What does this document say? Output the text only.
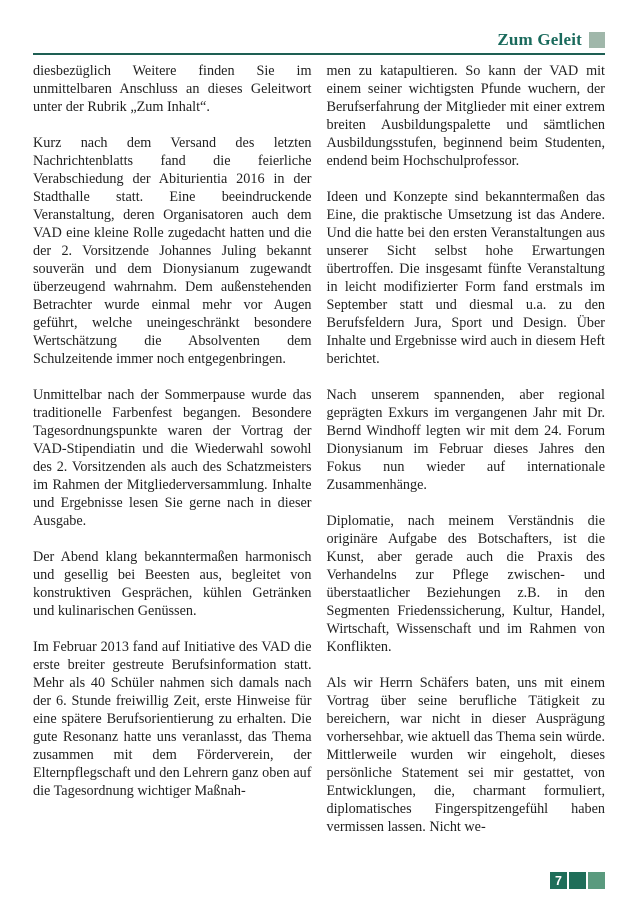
Zum Geleit

diesbezüglich Weitere finden Sie im unmittelbaren Anschluss an dieses Geleitwort unter der Rubrik „Zum Inhalt“.

Kurz nach dem Versand des letzten Nachrichtenblatts fand die feierliche Verabschiedung der Abiturientia 2016 in der Stadthalle statt. Eine beeindruckende Veranstaltung, deren Organisatoren auch dem VAD eine kleine Rolle zugedacht hatten und die der 2. Vorsitzende Johannes Juling bekannt souverän und dem Dionysianum zugewandt überzeugend wahrnahm. Dem außenstehenden Betrachter wurde einmal mehr vor Augen geführt, welche uneingeschränkt besondere Wertschätzung die Absolventen dem Schulzeitende immer noch entgegenbringen.

Unmittelbar nach der Sommerpause wurde das traditionelle Farbenfest begangen. Besondere Tagesordnungspunkte waren der Vortrag der VAD-Stipendiatin und die Wiederwahl sowohl des 2. Vorsitzenden als auch des Schatzmeisters im Rahmen der Mitgliederversammlung. Inhalte und Ergebnisse lesen Sie gerne nach in dieser Ausgabe.

Der Abend klang bekanntermaßen harmonisch und gesellig bei Beesten aus, begleitet von konstruktiven Gesprächen, kühlen Getränken und kulinarischen Genüssen.

Im Februar 2013 fand auf Initiative des VAD die erste breiter gestreute Berufsinformation statt. Mehr als 40 Schüler nahmen sich damals nach der 6. Stunde freiwillig Zeit, erste Hinweise für eine spätere Berufsorientierung zu erhalten. Die gute Resonanz hatte uns veranlasst, das Thema zusammen mit dem Förderverein, der Elternpflegschaft und den Lehrern ganz oben auf die Tagesordnung wichtiger Maßnah-

men zu katapultieren. So kann der VAD mit einem seiner wichtigsten Pfunde wuchern, der Berufserfahrung der Mitglieder mit einer extrem breiten Ausbildungspalette und sämtlichen Ausbildungsstufen, beginnend beim Studenten, endend beim Hochschulprofessor.

Ideen und Konzepte sind bekanntermaßen das Eine, die praktische Umsetzung ist das Andere. Und die hatte bei den ersten Veranstaltungen aus unserer Sicht selbst hohe Erwartungen übertroffen. Die insgesamt fünfte Veranstaltung in leicht modifizierter Form fand erstmals im September statt und diesmal u.a. zu den Berufsfeldern Jura, Sport und Design. Über Inhalte und Ergebnisse wird auch in diesem Heft berichtet.

Nach unserem spannenden, aber regional geprägten Exkurs im vergangenen Jahr mit Dr. Bernd Windhoff legten wir mit dem 24. Forum Dionysianum im Februar dieses Jahres den Fokus nun wieder auf internationale Zusammenhänge.

Diplomatie, nach meinem Verständnis die originäre Aufgabe des Botschafters, ist die Kunst, aber gerade auch die Praxis des Verhandelns zur Pflege zwischen- und überstaatlicher Beziehungen z.B. in den Segmenten Friedenssicherung, Kultur, Handel, Wirtschaft, Wissenschaft und im Rahmen von Konflikten.

Als wir Herrn Schäfers baten, uns mit einem Vortrag über seine berufliche Tätigkeit zu bereichern, war nicht in dieser Ausprägung vorhersehbar, wie aktuell das Thema sein würde. Mittlerweile wurden wir eingeholt, dieses persönliche Statement sei mir gestattet, von Entwicklungen, die, charmant formuliert, diplomatisches Fingerspitzengefühl haben vermissen lassen. Nicht we-

7
